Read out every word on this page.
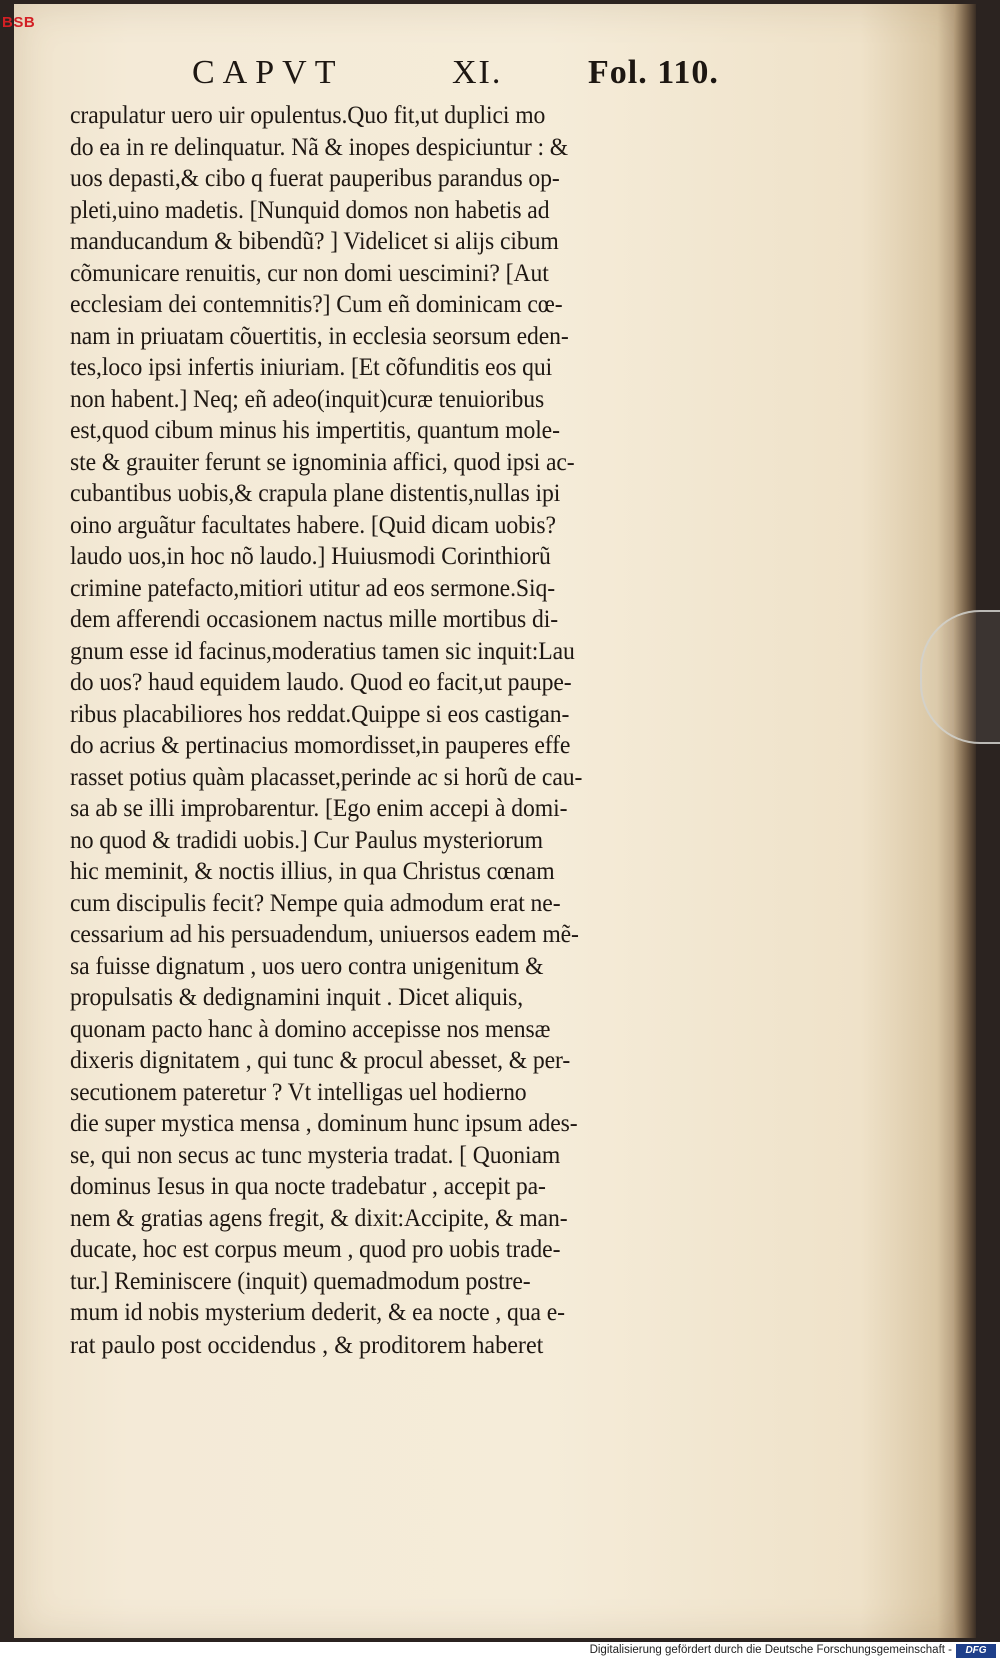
BSB
CAPVT	XI.	Fol. 110.
crapulatur uero uir opulentus.Quo fit,ut duplici mo
do ea in re delinquatur. Nã & inopes despiciuntur : &
uos depasti,& cibo q fuerat pauperibus parandus op-
pleti,uino madetis. [Nunquid domos non habetis ad
manducandum & bibendũ? ] Videlicet si alijs cibum
cõmunicare renuitis, cur non domi uescimini? [Aut
ecclesiam dei contemnitis?] Cum eñ dominicam cœ-
nam in priuatam cõuertitis, in ecclesia seorsum eden-
tes,loco ipsi infertis iniuriam. [Et cõfunditis eos qui
non habent.] Neq; eñ adeo(inquit)curæ tenuioribus
est,quod cibum minus his impertitis, quantum mole-
ste & grauiter ferunt se ignominia affici, quod ipsi ac-
cubantibus uobis,& crapula plane distentis,nullas ipi
oino arguãtur facultates habere. [Quid dicam uobis?
laudo uos,in hoc nõ laudo.] Huiusmodi Corinthiorũ
crimine patefacto,mitiori utitur ad eos sermone.Siq-
dem afferendi occasionem nactus mille mortibus di-
gnum esse id facinus,moderatius tamen sic inquit:Lau
do uos? haud equidem laudo. Quod eo facit,ut paupe-
ribus placabiliores hos reddat.Quippe si eos castigan-
do acrius & pertinacius momordisset,in pauperes effe
rasset potius quàm placasset,perinde ac si horũ de cau-
sa ab se illi improbarentur. [Ego enim accepi à domi-
no quod & tradidi uobis.] Cur Paulus mysteriorum
hic meminit, & noctis illius, in qua Christus cœnam
cum discipulis fecit? Nempe quia admodum erat ne-
cessarium ad his persuadendum, uniuersos eadem mẽ-
sa fuisse dignatum , uos uero contra unigenitum &
propulsatis & dedignamini inquit . Dicet aliquis,
quonam pacto hanc à domino accepisse nos mensæ
dixeris dignitatem , qui tunc & procul abesset, & per-
secutionem pateretur ? Vt intelligas uel hodierno
die super mystica mensa , dominum hunc ipsum ades-
se, qui non secus ac tunc mysteria tradat. [ Quoniam
dominus Iesus in qua nocte tradebatur , accepit pa-
nem & gratias agens fregit, & dixit:Accipite, & man-
ducate, hoc est corpus meum , quod pro uobis trade-
tur.] Reminiscere (inquit) quemadmodum postre-
mum id nobis mysterium dederit, & ea nocte , qua e-
rat paulo post occidendus , & proditorem haberet
Digitalisierung gefördert durch die Deutsche Forschungsgemeinschaft -	DFG
